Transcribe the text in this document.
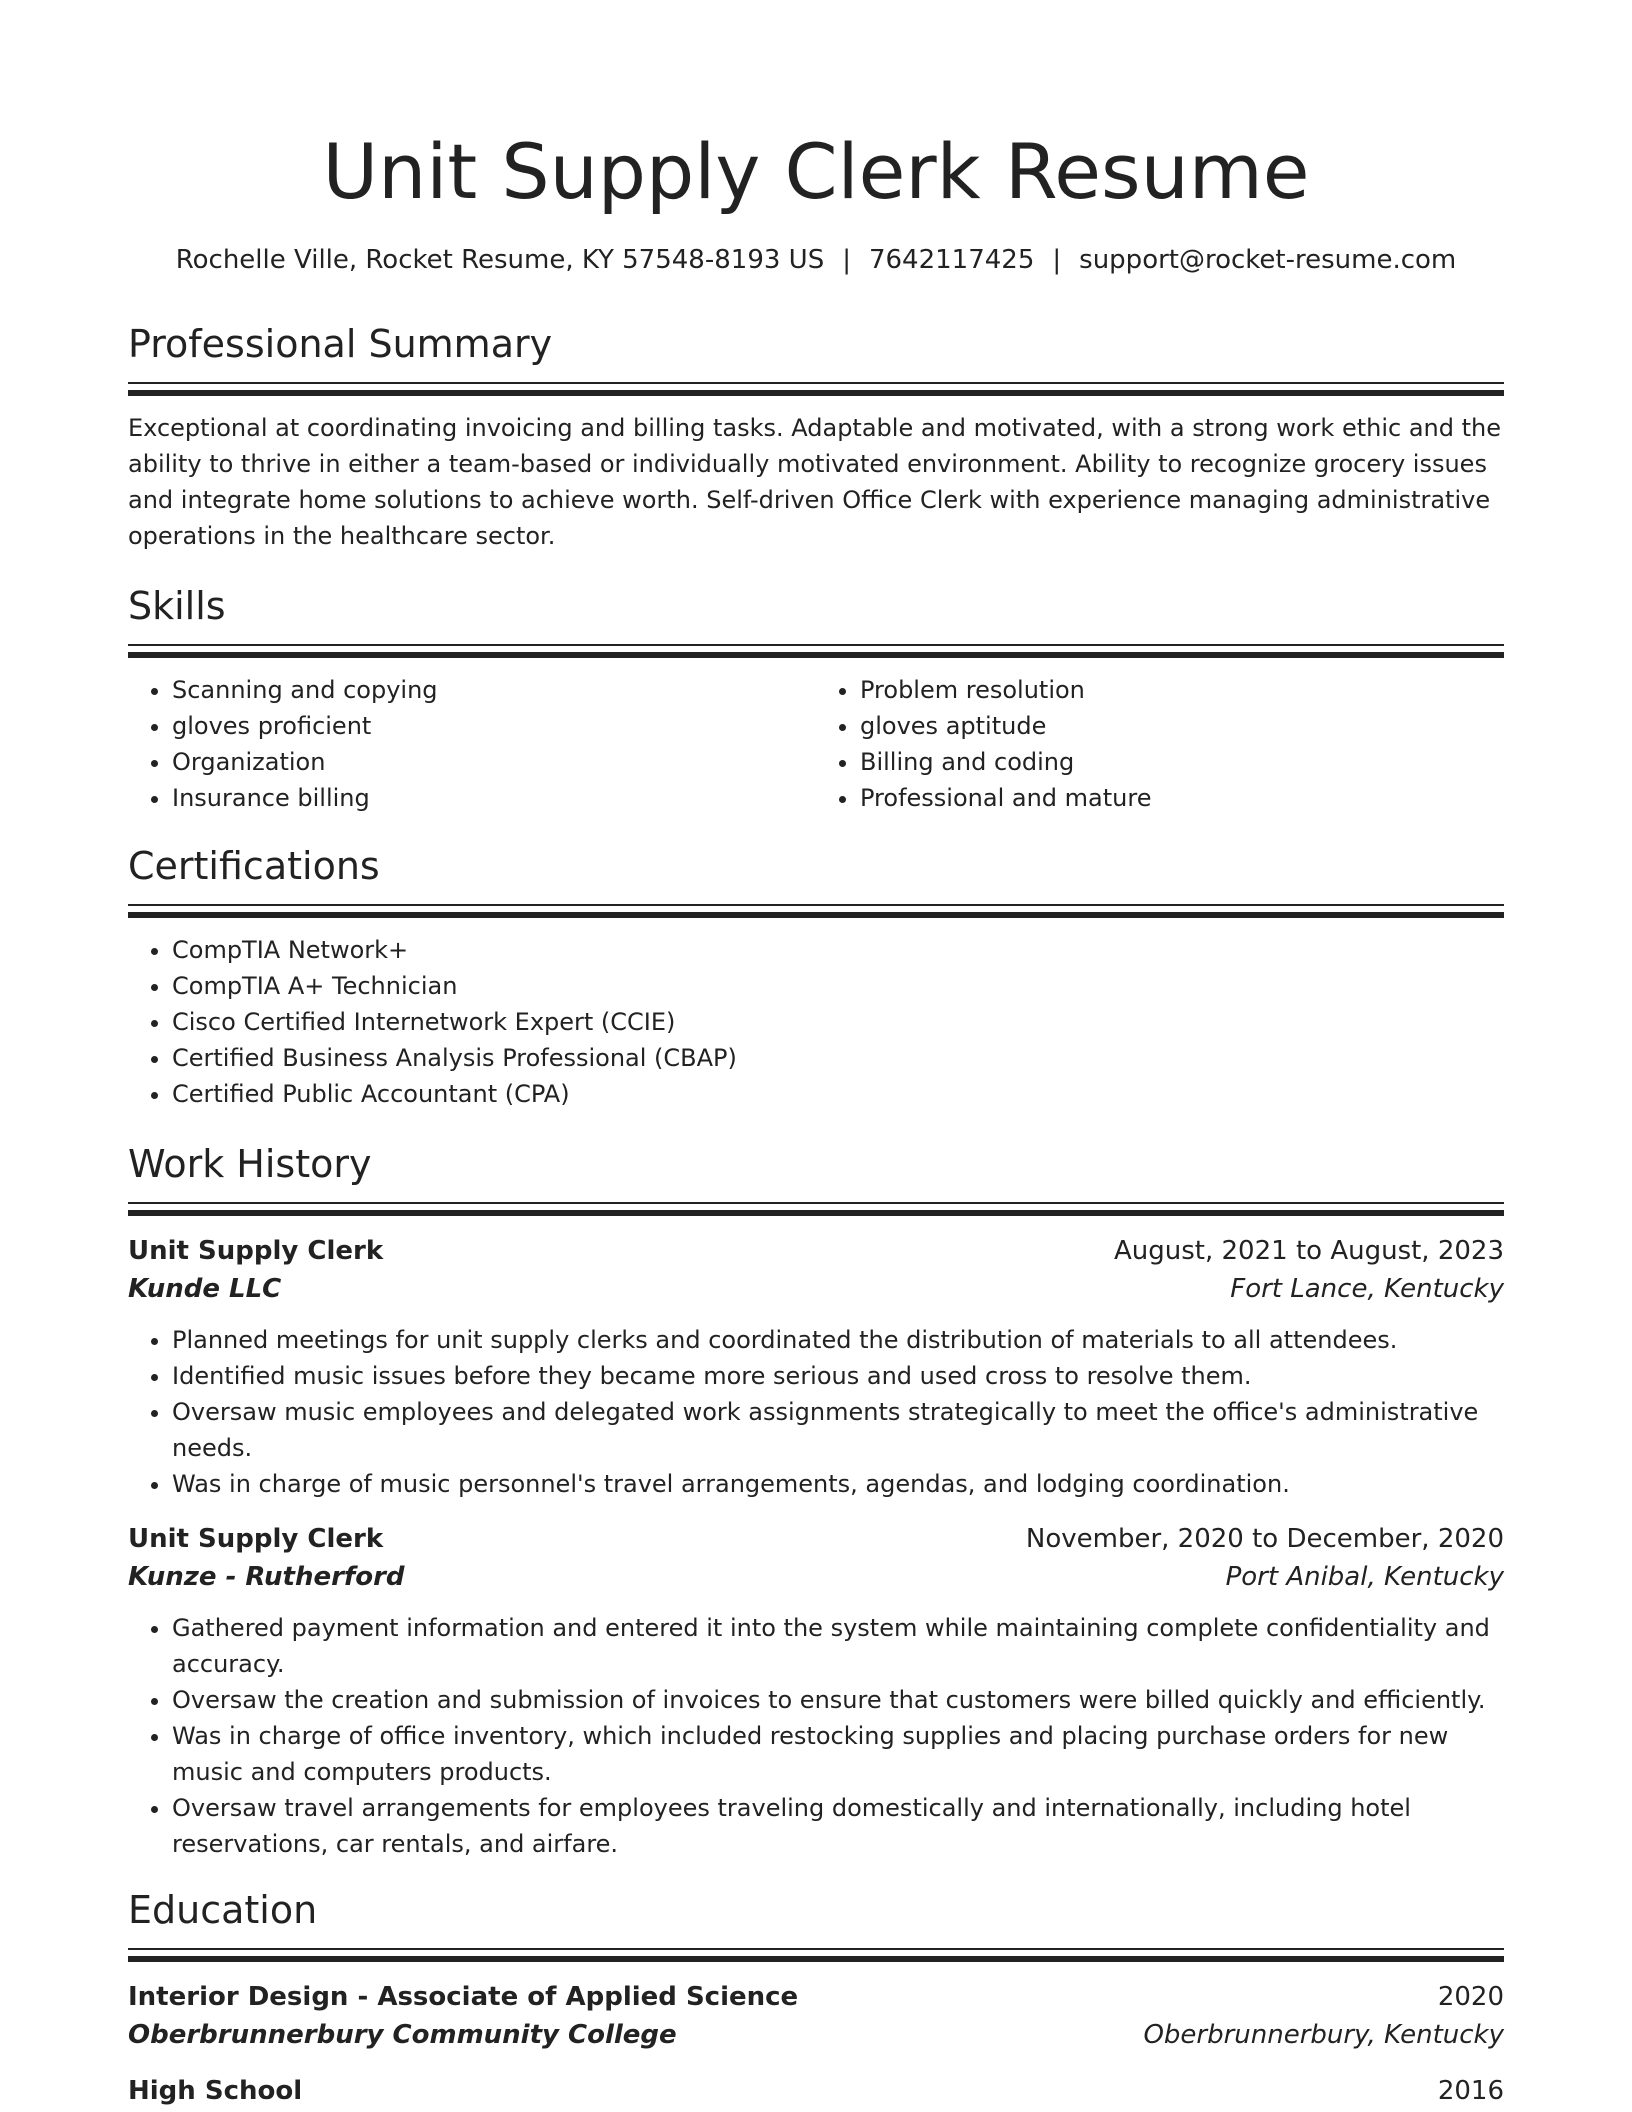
Unit Supply Clerk Resume
Rochelle Ville, Rocket Resume, KY 57548-8193 US | 7642117425 | support@rocket-resume.com
Professional Summary

Exceptional at coordinating invoicing and billing tasks. Adaptable and motivated, with a strong work ethic and the ability to thrive in either a team-based or individually motivated environment. Ability to recognize grocery issues and integrate home solutions to achieve worth. Self-driven Office Clerk with experience managing administrative operations in the healthcare sector.

Skills
• Scanning and copying
• gloves proficient
• Organization
• Insurance billing
• Problem resolution
• gloves aptitude
• Billing and coding
• Professional and mature
Certifications
• CompTIA Network+
• CompTIA A+ Technician
• Cisco Certified Internetwork Expert (CCIE)
• Certified Business Analysis Professional (CBAP)
• Certified Public Accountant (CPA)
Work History
Unit Supply Clerk	August, 2021 to August, 2023
Kunde LLC	Fort Lance, Kentucky
• Planned meetings for unit supply clerks and coordinated the distribution of materials to all attendees.
• Identified music issues before they became more serious and used cross to resolve them.
• Oversaw music employees and delegated work assignments strategically to meet the office's administrative needs.
• Was in charge of music personnel's travel arrangements, agendas, and lodging coordination.
Unit Supply Clerk	November, 2020 to December, 2020
Kunze - Rutherford	Port Anibal, Kentucky
• Gathered payment information and entered it into the system while maintaining complete confidentiality and accuracy.
• Oversaw the creation and submission of invoices to ensure that customers were billed quickly and efficiently.
• Was in charge of office inventory, which included restocking supplies and placing purchase orders for new music and computers products.
• Oversaw travel arrangements for employees traveling domestically and internationally, including hotel reservations, car rentals, and airfare.
Education
Interior Design - Associate of Applied Science	2020
Oberbrunnerbury Community College	Oberbrunnerbury, Kentucky
High School	2016
